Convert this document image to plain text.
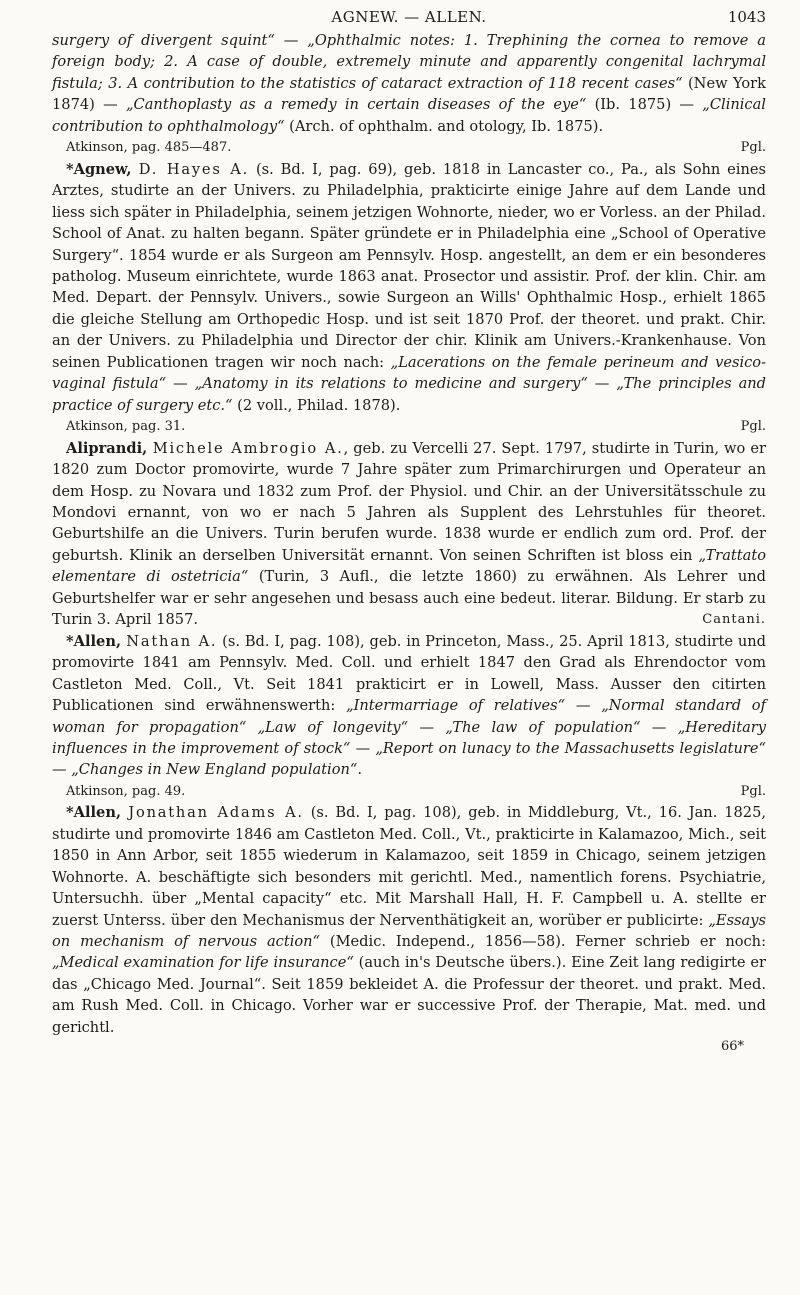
AGNEW. — ALLEN.	1043

surgery of divergent squint“ — „Ophthalmic notes: 1. Trephining the cornea to remove a foreign body; 2. A case of double, extremely minute and apparently congenital lachrymal fistula; 3. A contribution to the statistics of cataract extraction of 118 recent cases“ (New York 1874) — „Canthoplasty as a remedy in certain diseases of the eye“ (Ib. 1875) — „Clinical contribution to ophthalmology“ (Arch. of ophthalm. and otology, Ib. 1875).

Atkinson, pag. 485—487.	Pgl.

*Agnew, D. Hayes A. (s. Bd. I, pag. 69), geb. 1818 in Lancaster co., Pa., als Sohn eines Arztes, studirte an der Univers. zu Philadelphia, prakticirte einige Jahre auf dem Lande und liess sich später in Philadelphia, seinem jetzigen Wohnorte, nieder, wo er Vorless. an der Philad. School of Anat. zu halten begann. Später gründete er in Philadelphia eine „School of Operative Surgery“. 1854 wurde er als Surgeon am Pennsylv. Hosp. angestellt, an dem er ein besonderes patholog. Museum einrichtete, wurde 1863 anat. Prosector und assistir. Prof. der klin. Chir. am Med. Depart. der Pennsylv. Univers., sowie Surgeon an Wills' Ophthalmic Hosp., erhielt 1865 die gleiche Stellung am Orthopedic Hosp. und ist seit 1870 Prof. der theoret. und prakt. Chir. an der Univers. zu Philadelphia und Director der chir. Klinik am Univers.-Krankenhause. Von seinen Publicationen tragen wir noch nach: „Lacerations on the female perineum and vesico-vaginal fistula“ — „Anatomy in its relations to medicine and surgery“ — „The principles and practice of surgery etc.“ (2 voll., Philad. 1878).

Atkinson, pag. 31.	Pgl.

Aliprandi, Michele Ambrogio A., geb. zu Vercelli 27. Sept. 1797, studirte in Turin, wo er 1820 zum Doctor promovirte, wurde 7 Jahre später zum Primarchirurgen und Operateur an dem Hosp. zu Novara und 1832 zum Prof. der Physiol. und Chir. an der Universitätsschule zu Mondovi ernannt, von wo er nach 5 Jahren als Supplent des Lehrstuhles für theoret. Geburtshilfe an die Univers. Turin berufen wurde. 1838 wurde er endlich zum ord. Prof. der geburtsh. Klinik an derselben Universität ernannt. Von seinen Schriften ist bloss ein „Trattato elementare di ostetricia“ (Turin, 3 Aufl., die letzte 1860) zu erwähnen. Als Lehrer und Geburtshelfer war er sehr angesehen und besass auch eine bedeut. literar. Bildung. Er starb zu Turin 3. April 1857.	Cantani.

*Allen, Nathan A. (s. Bd. I, pag. 108), geb. in Princeton, Mass., 25. April 1813, studirte und promovirte 1841 am Pennsylv. Med. Coll. und erhielt 1847 den Grad als Ehrendoctor vom Castleton Med. Coll., Vt. Seit 1841 prakticirt er in Lowell, Mass. Ausser den citirten Publicationen sind erwähnenswerth: „Intermarriage of relatives“ — „Normal standard of woman for propagation“ „Law of longevity“ — „The law of population“ — „Hereditary influences in the improvement of stock“ — „Report on lunacy to the Massachusetts legislature“ — „Changes in New England population“.

Atkinson, pag. 49.	Pgl.

*Allen, Jonathan Adams A. (s. Bd. I, pag. 108), geb. in Middleburg, Vt., 16. Jan. 1825, studirte und promovirte 1846 am Castleton Med. Coll., Vt., prakticirte in Kalamazoo, Mich., seit 1850 in Ann Arbor, seit 1855 wiederum in Kalamazoo, seit 1859 in Chicago, seinem jetzigen Wohnorte. A. beschäftigte sich besonders mit gerichtl. Med., namentlich forens. Psychiatrie, Untersuchh. über „Mental capacity“ etc. Mit Marshall Hall, H. F. Campbell u. A. stellte er zuerst Unterss. über den Mechanismus der Nerventhätigkeit an, worüber er publicirte: „Essays on mechanism of nervous action“ (Medic. Independ., 1856—58). Ferner schrieb er noch: „Medical examination for life insurance“ (auch in's Deutsche übers.). Eine Zeit lang redigirte er das „Chicago Med. Journal“. Seit 1859 bekleidet A. die Professur der theoret. und prakt. Med. am Rush Med. Coll. in Chicago. Vorher war er successive Prof. der Therapie, Mat. med. und gerichtl.

66*
